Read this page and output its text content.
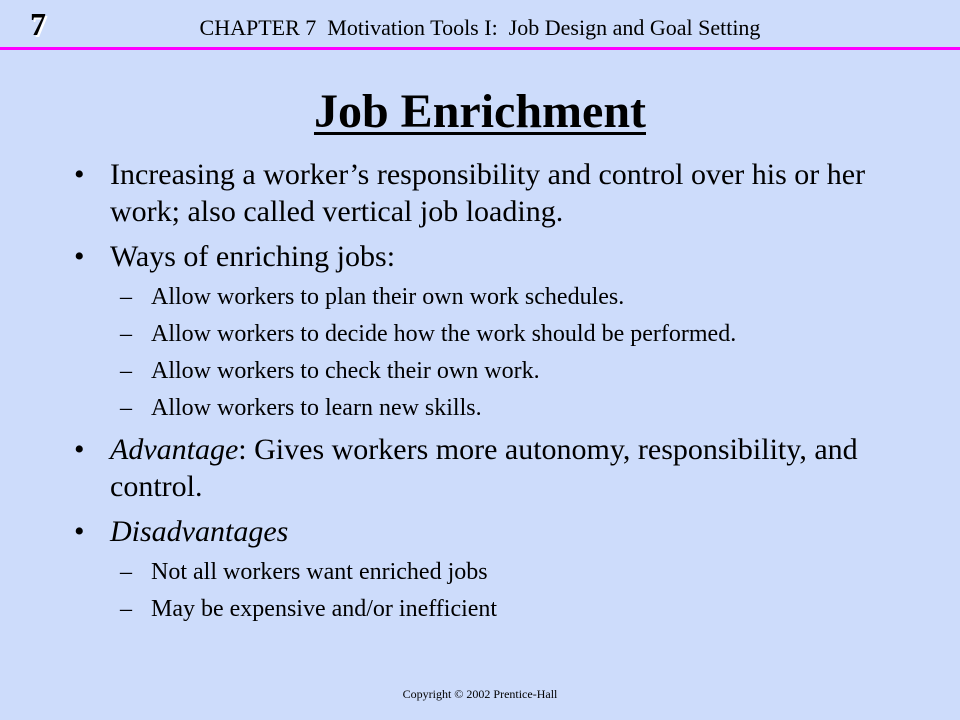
7	CHAPTER 7  Motivation Tools I:  Job Design and Goal Setting
Job Enrichment
• Increasing a worker’s responsibility and control over his or her work; also called vertical job loading.
• Ways of enriching jobs:
– Allow workers to plan their own work schedules.
– Allow workers to decide how the work should be performed.
– Allow workers to check their own work.
– Allow workers to learn new skills.
• Advantage: Gives workers more autonomy, responsibility, and control.
• Disadvantages
– Not all workers want enriched jobs
– May be expensive and/or inefficient
Copyright © 2002 Prentice-Hall
